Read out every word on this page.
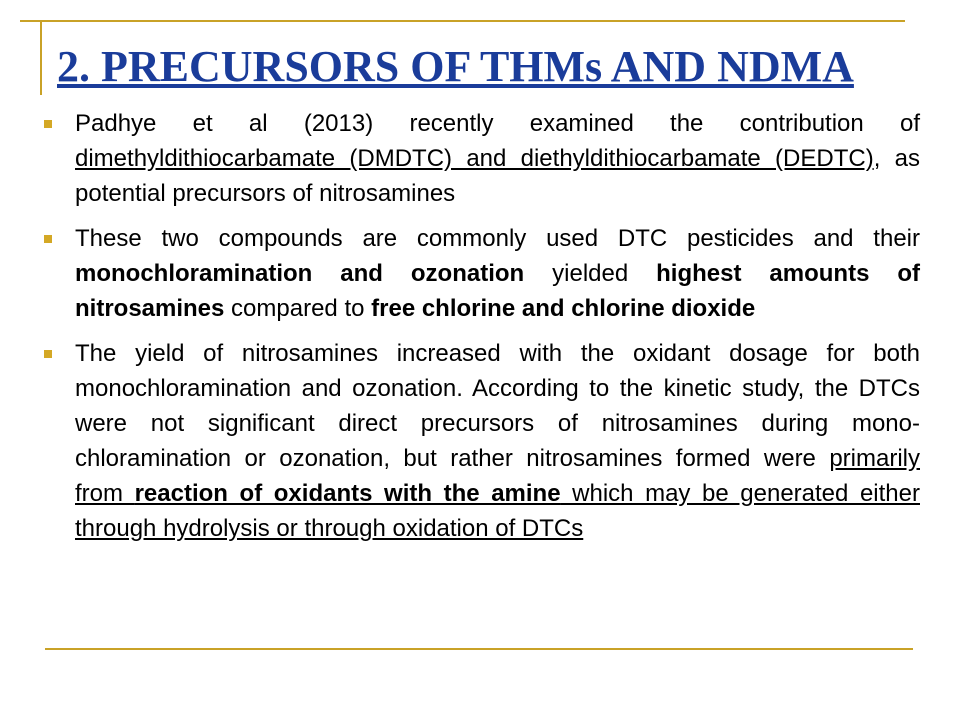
2. PRECURSORS OF THMs AND NDMA
Padhye et al (2013) recently examined the contribution of dimethyldithiocarbamate (DMDTC) and diethyldithiocarbamate (DEDTC), as potential precursors of nitrosamines
These two compounds are commonly used DTC pesticides and their monochloramination and ozonation yielded highest amounts of nitrosamines compared to free chlorine and chlorine dioxide
The yield of nitrosamines increased with the oxidant dosage for both monochloramination and ozonation. According to the kinetic study, the DTCs were not significant direct precursors of nitrosamines during mono-chloramination or ozonation, but rather nitrosamines formed were primarily from reaction of oxidants with the amine which may be generated either through hydrolysis or through oxidation of DTCs
